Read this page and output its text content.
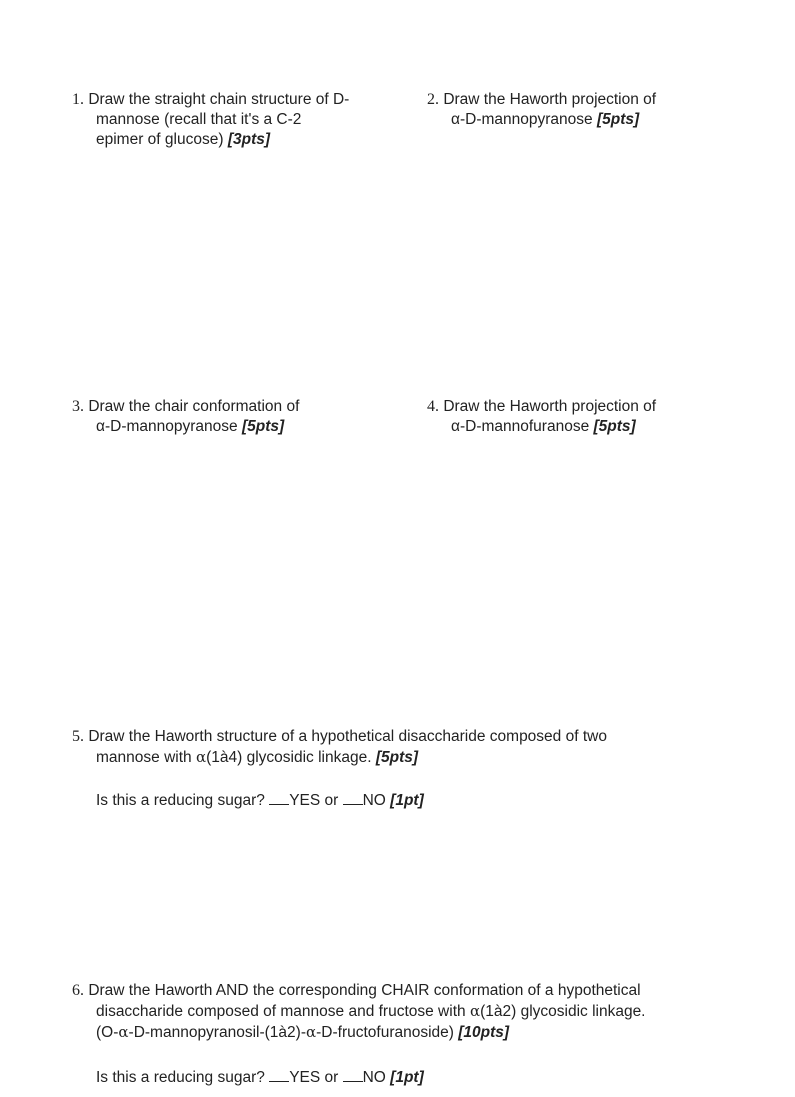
1. Draw the straight chain structure of D-
mannose (recall that it's a C-2
epimer of glucose) [3pts]
2. Draw the Haworth projection of
α-D-mannopyranose [5pts]
3. Draw the chair conformation of
α-D-mannopyranose [5pts]
4. Draw the Haworth projection of
α-D-mannofuranose [5pts]
5. Draw the Haworth structure of a hypothetical disaccharide composed of two
mannose with α(1à4) glycosidic linkage. [5pts]
Is this a reducing sugar? YES or NO [1pt]
6. Draw the Haworth AND the corresponding CHAIR conformation of a hypothetical
disaccharide composed of mannose and fructose with α(1à2) glycosidic linkage.
(O-α-D-mannopyranosil-(1à2)-α-D-fructofuranoside) [10pts]
Is this a reducing sugar? YES or NO [1pt]
